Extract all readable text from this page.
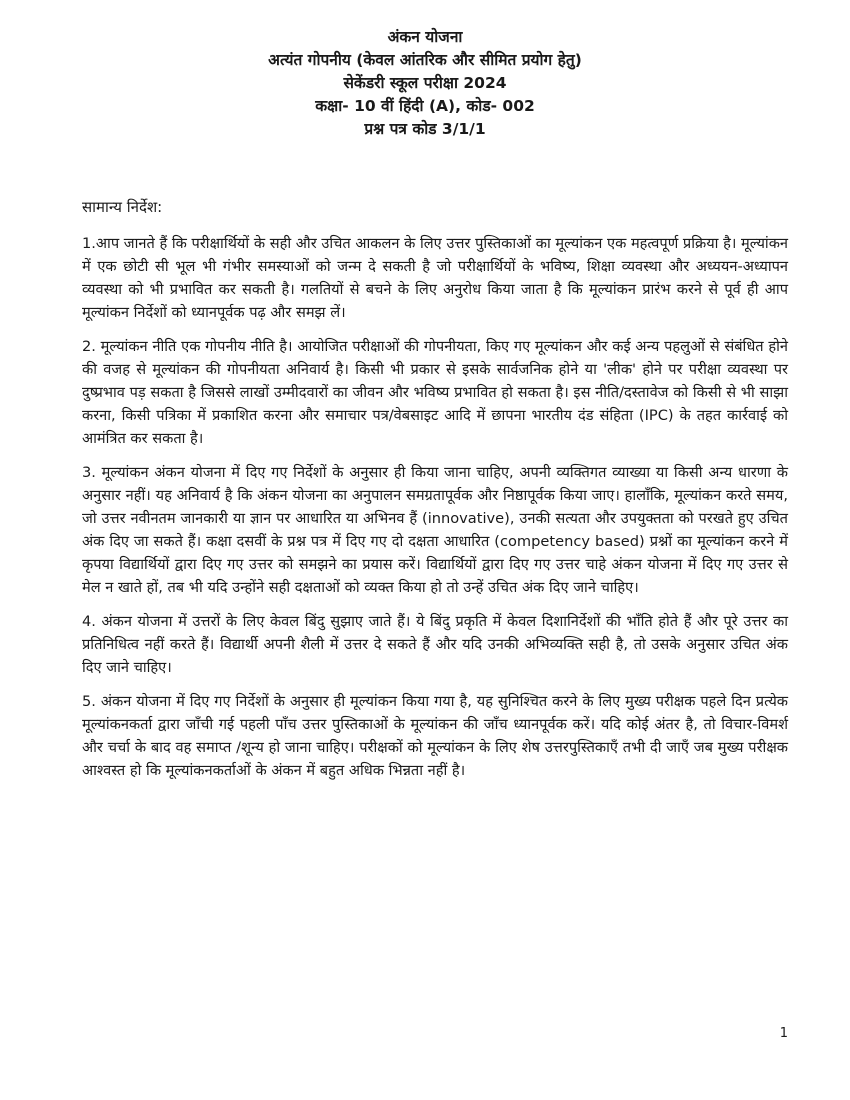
अंकन योजना
अत्यंत गोपनीय (केवल आंतरिक और सीमित प्रयोग हेतु)
सेकेंडरी स्कूल परीक्षा 2024
कक्षा- 10 वीं हिंदी (A), कोड- 002
प्रश्न पत्र कोड 3/1/1
सामान्य निर्देश:

1.आप जानते हैं कि परीक्षार्थियों के सही और उचित आकलन के लिए उत्तर पुस्तिकाओं का मूल्यांकन एक महत्वपूर्ण प्रक्रिया है। मूल्यांकन में एक छोटी सी भूल भी गंभीर समस्याओं को जन्म दे सकती है जो परीक्षार्थियों के भविष्य, शिक्षा व्यवस्था और अध्ययन-अध्यापन व्यवस्था को भी प्रभावित कर सकती है। गलतियों से बचने के लिए अनुरोध किया जाता है कि मूल्यांकन प्रारंभ करने से पूर्व ही आप मूल्यांकन निर्देशों को ध्यानपूर्वक पढ़ और समझ लें।

2. मूल्यांकन नीति एक गोपनीय नीति है। आयोजित परीक्षाओं की गोपनीयता, किए गए मूल्यांकन और कई अन्य पहलुओं से संबंधित होने की वजह से मूल्यांकन की गोपनीयता अनिवार्य है। किसी भी प्रकार से इसके सार्वजनिक होने या 'लीक' होने पर परीक्षा व्यवस्था पर दुष्प्रभाव पड़ सकता है जिससे लाखों उम्मीदवारों का जीवन और भविष्य प्रभावित हो सकता है। इस नीति/दस्तावेज को किसी से भी साझा करना, किसी पत्रिका में प्रकाशित करना और समाचार पत्र/वेबसाइट आदि में छापना भारतीय दंड संहिता (IPC) के तहत कार्रवाई को आमंत्रित कर सकता है।

3. मूल्यांकन अंकन योजना में दिए गए निर्देशों के अनुसार ही किया जाना चाहिए, अपनी व्यक्तिगत व्याख्या या किसी अन्य धारणा के अनुसार नहीं। यह अनिवार्य है कि अंकन योजना का अनुपालन समग्रतापूर्वक और निष्ठापूर्वक किया जाए। हालाँकि, मूल्यांकन करते समय, जो उत्तर नवीनतम जानकारी या ज्ञान पर आधारित या अभिनव हैं (innovative), उनकी सत्यता और उपयुक्तता को परखते हुए उचित अंक दिए जा सकते हैं। कक्षा दसवीं के प्रश्न पत्र में दिए गए दो दक्षता आधारित (competency based) प्रश्नों का मूल्यांकन करने में कृपया विद्यार्थियों द्वारा दिए गए उत्तर को समझने का प्रयास करें। विद्यार्थियों द्वारा दिए गए उत्तर चाहे अंकन योजना में दिए गए उत्तर से मेल न खाते हों, तब भी यदि उन्होंने सही दक्षताओं को व्यक्त किया हो तो उन्हें उचित अंक दिए जाने चाहिए।

4. अंकन योजना में उत्तरों के लिए केवल बिंदु सुझाए जाते हैं। ये बिंदु प्रकृति में केवल दिशानिर्देशों की भाँति होते हैं और पूरे उत्तर का प्रतिनिधित्व नहीं करते हैं। विद्यार्थी अपनी शैली में उत्तर दे सकते हैं और यदि उनकी अभिव्यक्ति सही है, तो उसके अनुसार उचित अंक दिए जाने चाहिए।

5. अंकन योजना में दिए गए निर्देशों के अनुसार ही मूल्यांकन किया गया है, यह सुनिश्चित करने के लिए मुख्य परीक्षक पहले दिन प्रत्येक मूल्यांकनकर्ता द्वारा जाँची गई पहली पाँच उत्तर पुस्तिकाओं के मूल्यांकन की जाँच ध्यानपूर्वक करें। यदि कोई अंतर है, तो विचार-विमर्श और चर्चा के बाद वह समाप्त /शून्य हो जाना चाहिए। परीक्षकों को मूल्यांकन के लिए शेष उत्तरपुस्तिकाएँ तभी दी जाएँ जब मुख्य परीक्षक आश्वस्त हो कि मूल्यांकनकर्ताओं के अंकन में बहुत अधिक भिन्नता नहीं है।

1
